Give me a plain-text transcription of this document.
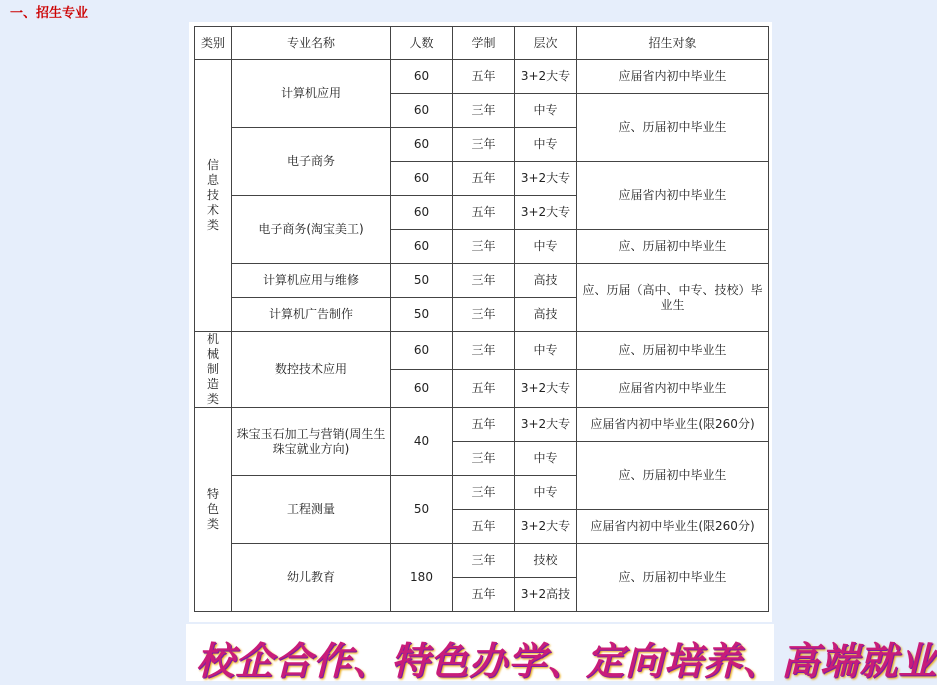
一、招生专业
类别	专业名称	人数	学制	层次	招生对象

信息技术类	计算机应用	60	五年	3+2大专	应届省内初中毕业生
		60	三年	中专	应、历届初中毕业生
	电子商务	60	三年	中专	
		60	五年	3+2大专	应届省内初中毕业生
	电子商务(淘宝美工)	60	五年	3+2大专	
		60	三年	中专	应、历届初中毕业生
	计算机应用与维修	50	三年	高技	应、历届（高中、中专、技校）毕业生
	计算机广告制作	50	三年	高技	

机械制造类	数控技术应用	60	三年	中专	应、历届初中毕业生
		60	五年	3+2大专	应届省内初中毕业生

特色类	珠宝玉石加工与营销(周生生珠宝就业方向)	40	五年	3+2大专	应届省内初中毕业生(限260分)
			三年	中专	应、历届初中毕业生
	工程测量	50	三年	中专	
			五年	3+2大专	应届省内初中毕业生(限260分)
	幼儿教育	180	三年	技校	应、历届初中毕业生
			五年	3+2高技	
校企合作、特色办学、定向培养、高端就业
